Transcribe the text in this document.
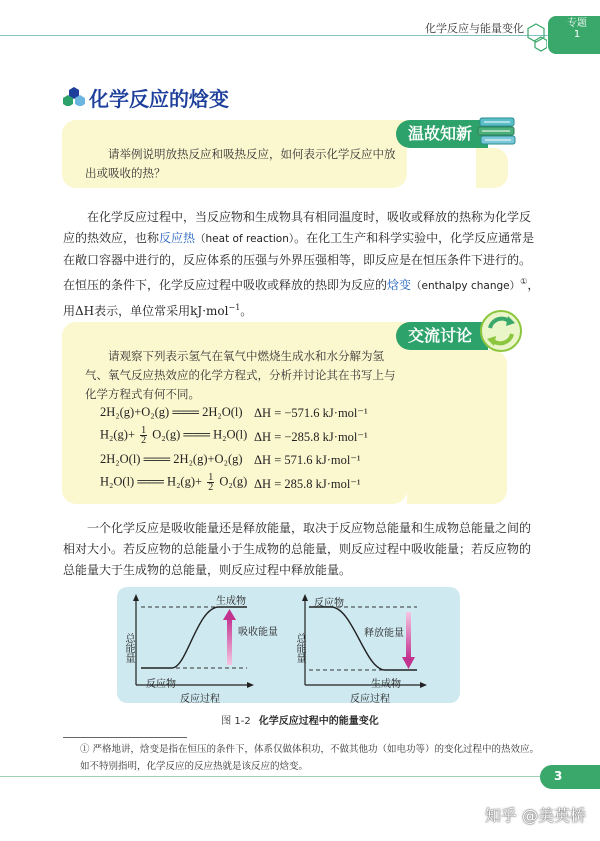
化学反应与能量变化	专题
1
化学反应的焓变
温故知新
请举例说明放热反应和吸热反应，如何表示化学反应中放出或吸收的热？
在化学反应过程中，当反应物和生成物具有相同温度时，吸收或释放的热称为化学反应的热效应，也称反应热（heat of reaction）。在化工生产和科学实验中，化学反应通常是在敞口容器中进行的，反应体系的压强与外界压强相等，即反应是在恒压条件下进行的。在恒压的条件下，化学反应过程中吸收或释放的热即为反应的焓变（enthalpy change）①，用ΔH表示，单位常采用kJ·mol$^{-1}$。
交流讨论
请观察下列表示氢气在氧气中燃烧生成水和水分解为氢气、氧气反应热效应的化学方程式，分析并讨论其在书写上与化学方程式有何不同。
2H₂(g)+O₂(g) ═══ 2H₂O(l) ΔH = −571.6 kJ·mol⁻¹
$H_2(g)+ \frac{1}{2} O_2(g)$ ═══ H₂O(l) ΔH = −285.8 kJ·mol⁻¹
2H₂O(l) ═══ 2H₂(g)+O₂(g) ΔH = 571.6 kJ·mol⁻¹
H₂O(l) ═══ $H_2(g)+ \frac{1}{2} O_2(g) \Delta H = 285.8$ kJ·mol⁻¹
一个化学反应是吸收能量还是释放能量，取决于反应物总能量和生成物总能量之间的相对大小。若反应物的总能量小于生成物的总能量，则反应过程中吸收能量；若反应物的总能量大于生成物的总能量，则反应过程中释放能量。
生成物
反应物
吸收能量
总能量
反应过程
反应物
生成物
释放能量
总能量
反应过程
图 1-2 化学反应过程中的能量变化
① 严格地讲，焓变是指在恒压的条件下，体系仅做体积功，不做其他功（如电功等）的变化过程中的热效应。如不特别指明，化学反应的反应热就是该反应的焓变。
3
知乎 @美英桥
